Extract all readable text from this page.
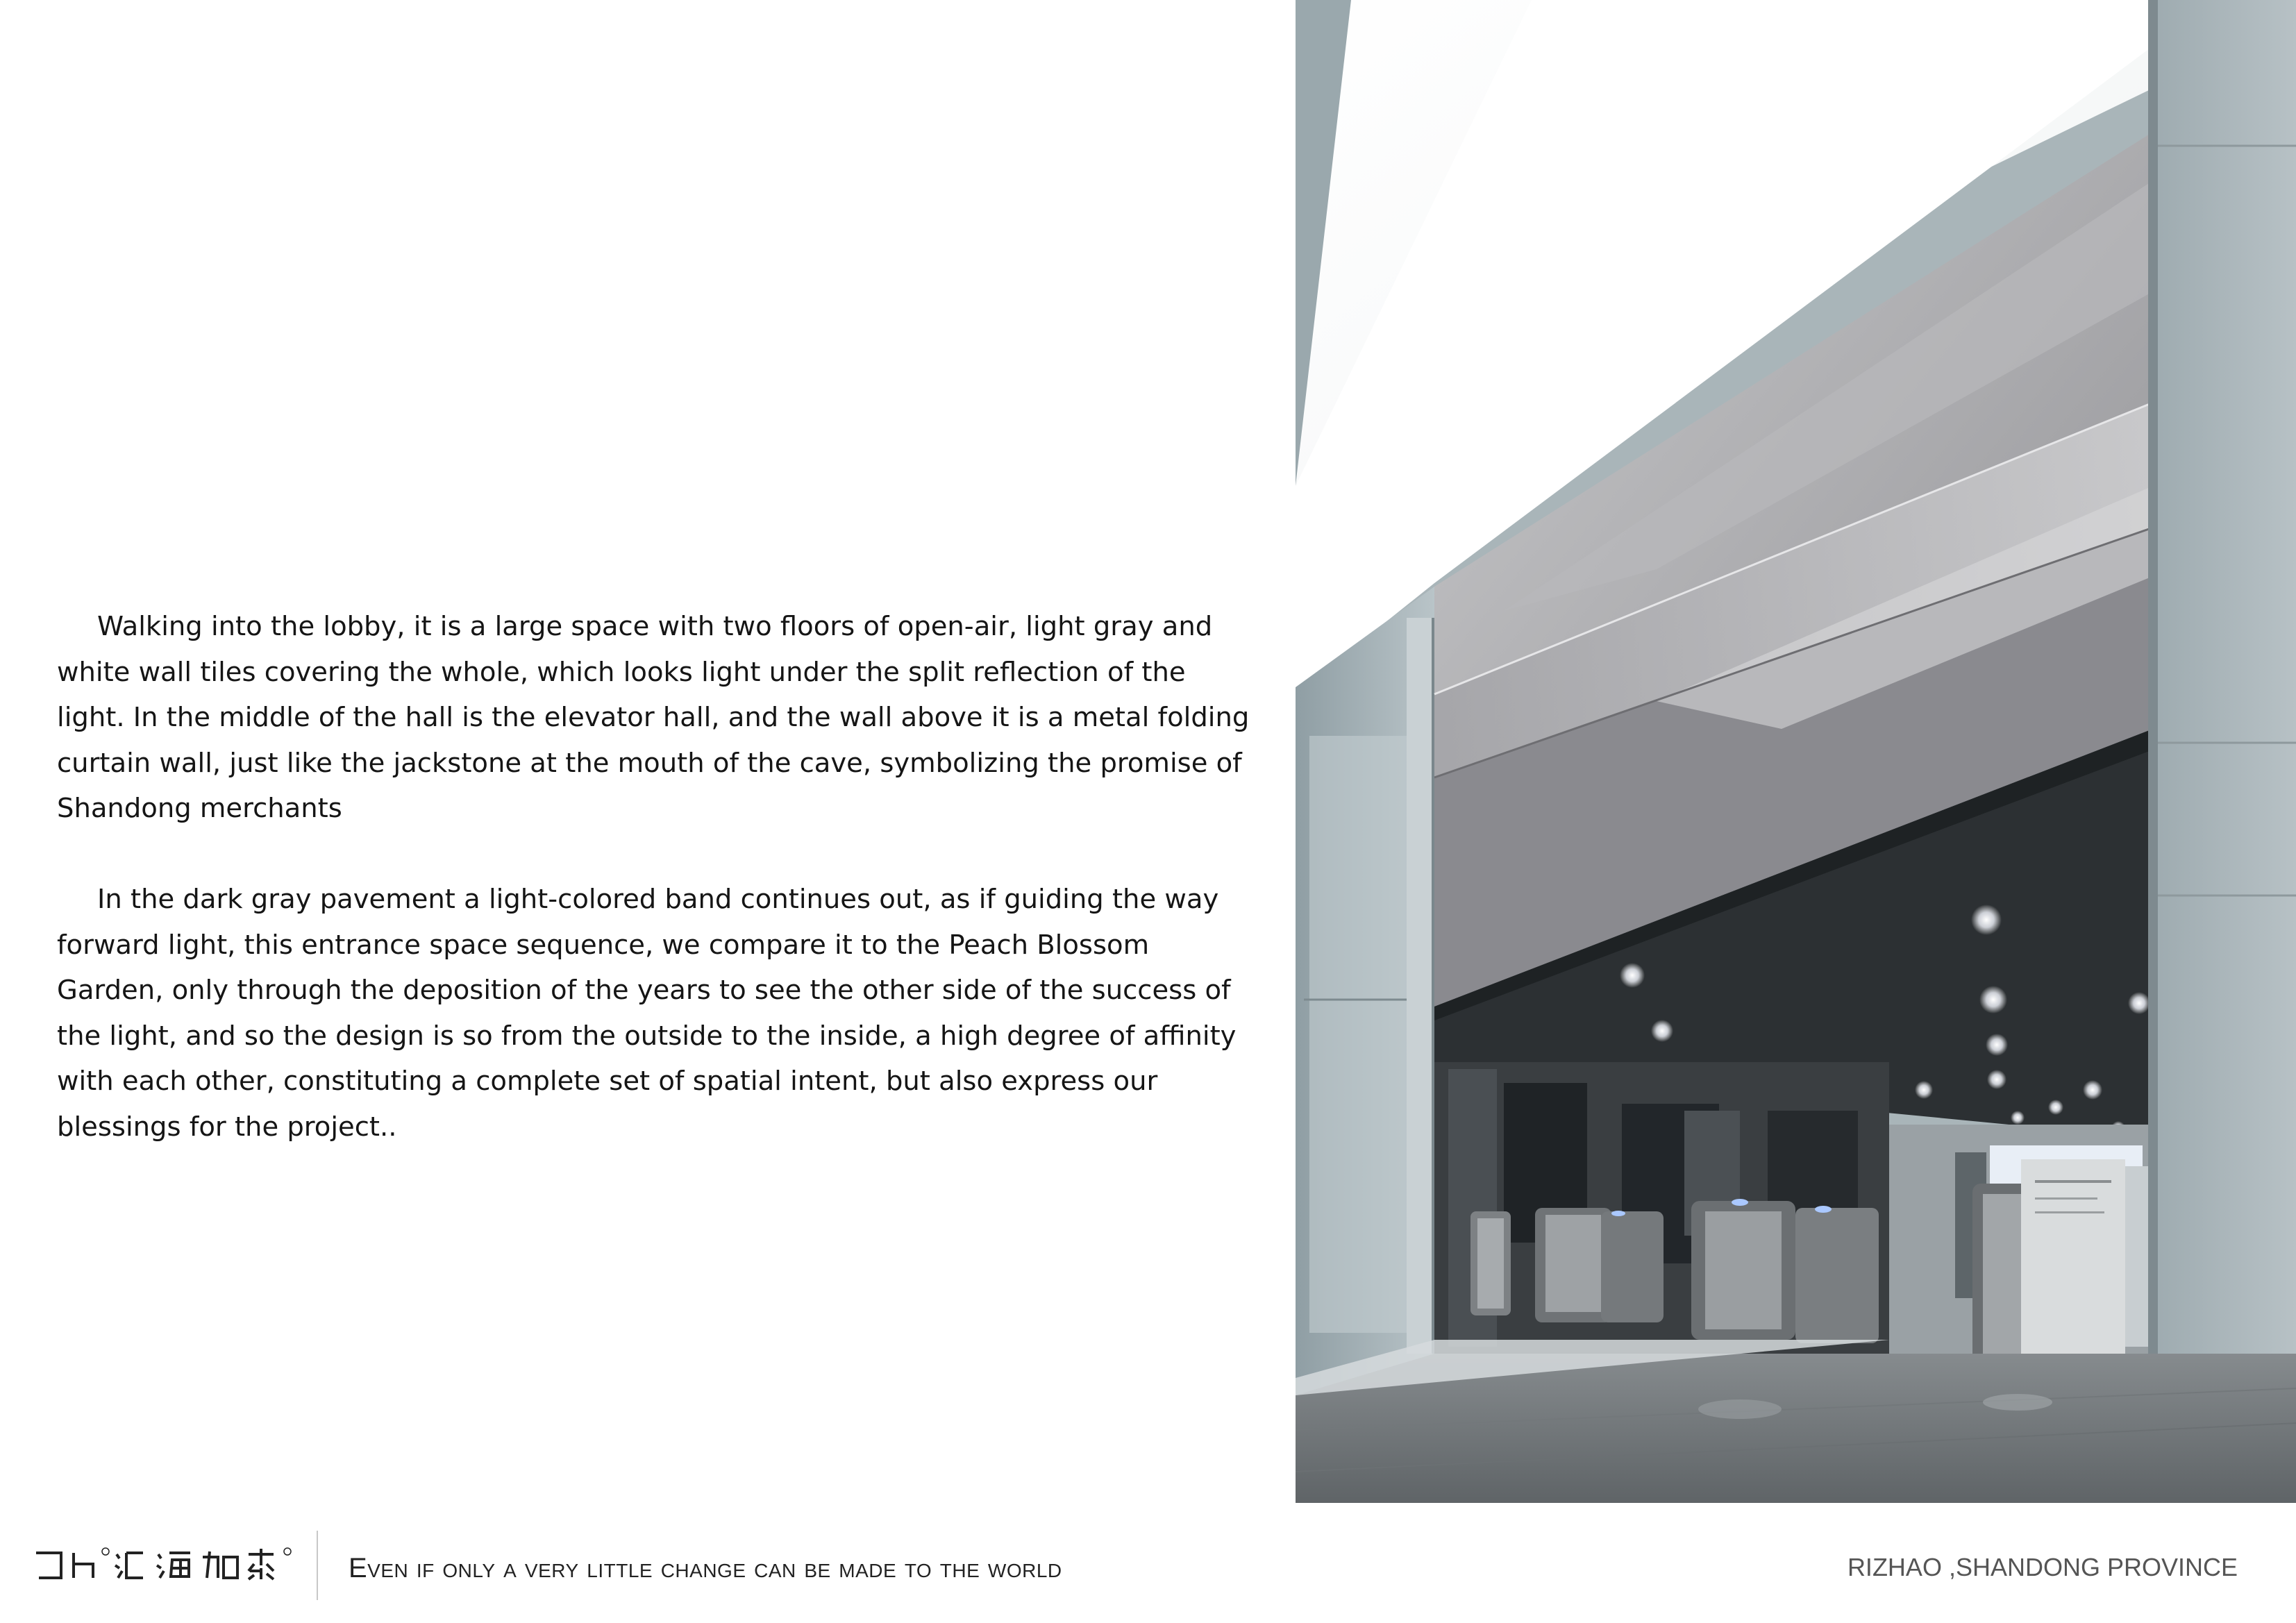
Walking into the lobby, it is a large space with two floors of open-air, light gray and white wall tiles covering the whole, which looks light under the split reflection of the light. In the middle of the hall is the elevator hall, and the wall above it is a metal folding curtain wall, just like the jackstone at the mouth of the cave, symbolizing the promise of Shandong merchants

In the dark gray pavement a light-colored band continues out, as if guiding the way forward light, this entrance space sequence, we compare it to the Peach Blossom Garden, only through the deposition of the years to see the other side of the success of the light, and so the design is so from the outside to the inside, a high degree of affinity with each other, constituting a complete set of spatial intent, but also express our blessings for the project..

Even if only a very little change can be made to the world	RIZHAO ,SHANDONG PROVINCE
